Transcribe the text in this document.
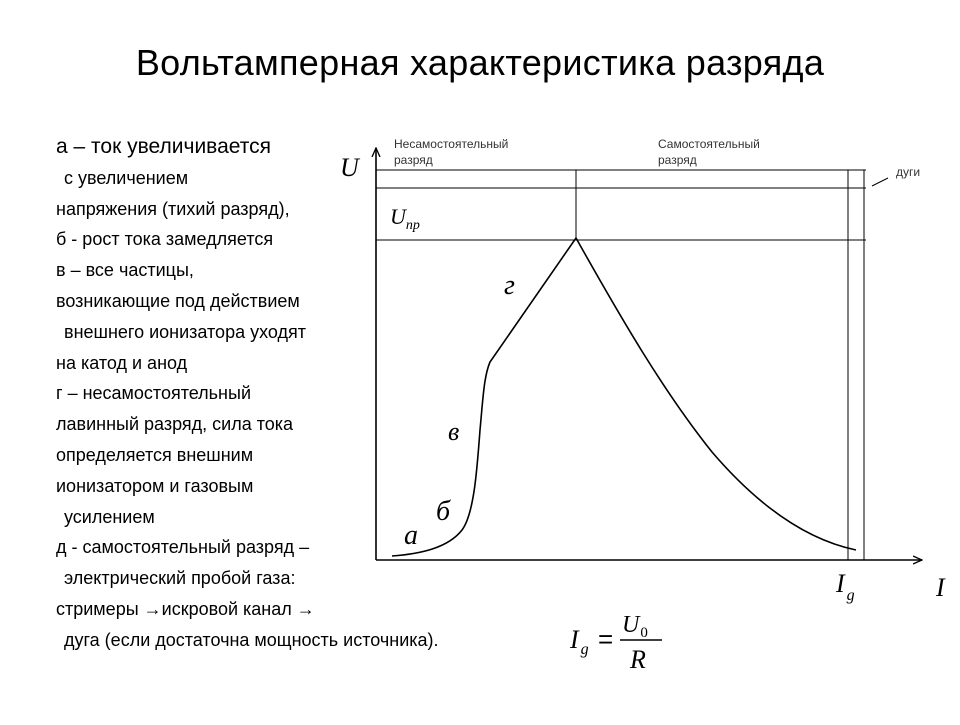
Вольтамперная характеристика разряда
а – ток увеличивается
с увеличением
напряжения (тихий разряд),
б - рост тока замедляется
в – все частицы,
возникающие под действием
внешнего ионизатора уходят
на катод и анод
г – несамостоятельный
лавинный разряд, сила тока
определяется внешним
ионизатором и газовым
усилением
д - самостоятельный разряд –
электрический пробой газа:
стримеры →искровой канал →
дуга (если достаточна мощность источника).
Несамостоятельный
разряд
Самостоятельный
разряд
дуги
U
I
$U_{пр}$
I $_g$
а
б
в
г
I $_g = U_0$
R
